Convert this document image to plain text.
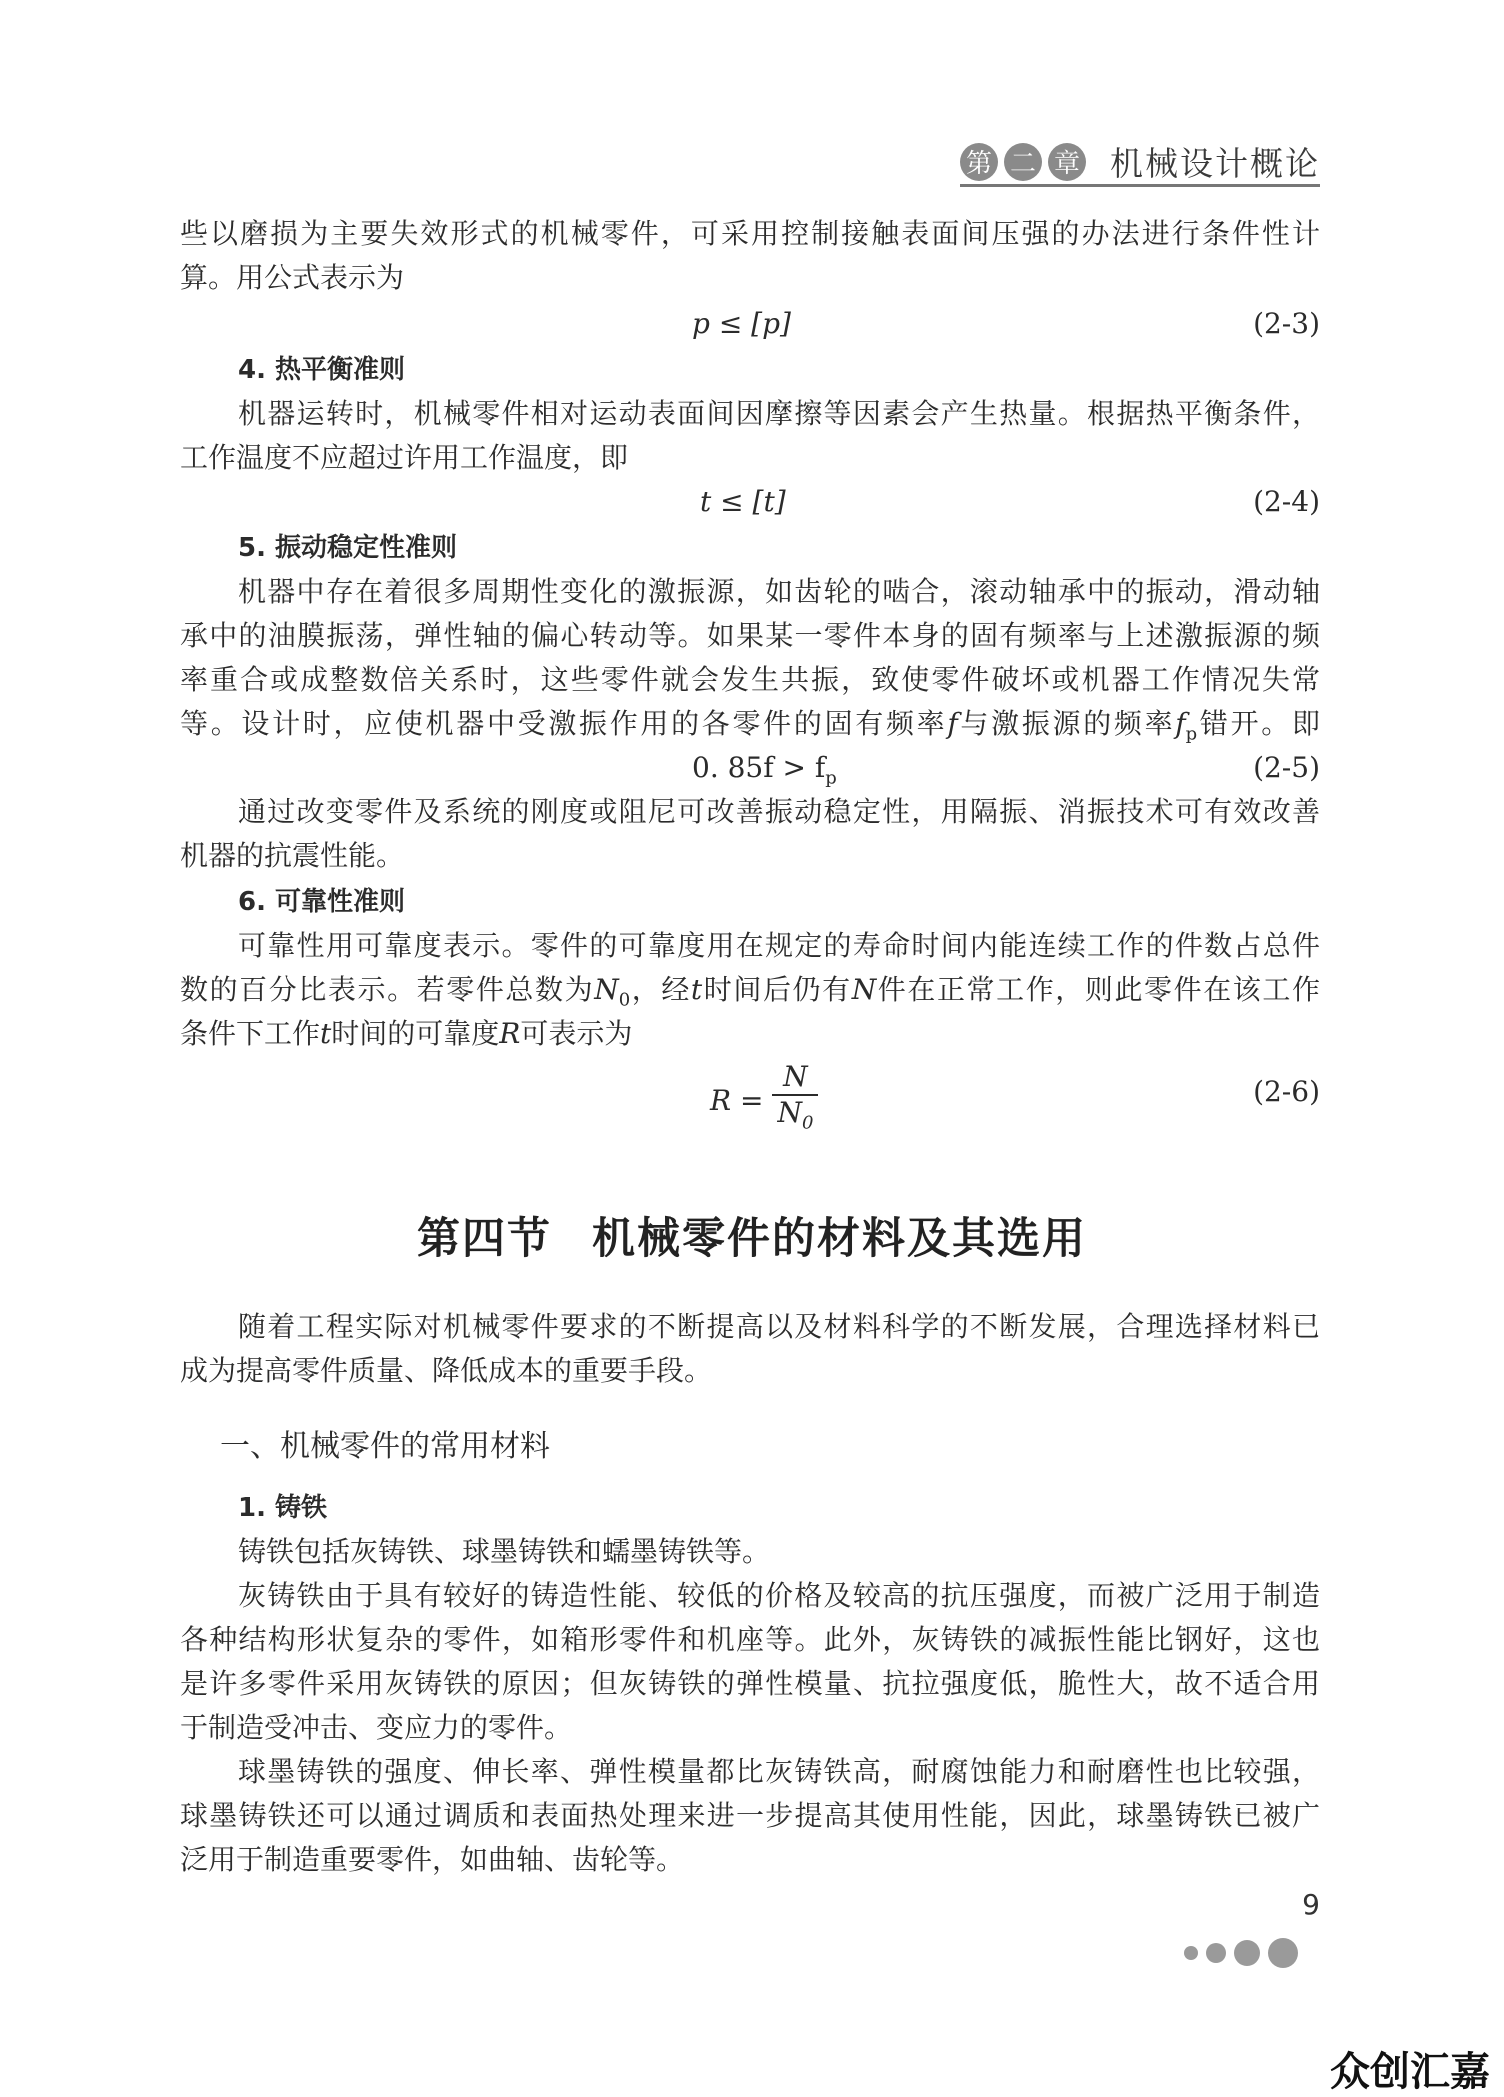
第 二 章 机械设计概论
些以磨损为主要失效形式的机械零件，可采用控制接触表面间压强的办法进行条件性计
算。用公式表示为
p ≤ [p]	(2-3)
4. 热平衡准则
机器运转时，机械零件相对运动表面间因摩擦等因素会产生热量。根据热平衡条件，
工作温度不应超过许用工作温度，即
t ≤ [t]	(2-4)
5. 振动稳定性准则
机器中存在着很多周期性变化的激振源，如齿轮的啮合，滚动轴承中的振动，滑动轴
承中的油膜振荡，弹性轴的偏心转动等。如果某一零件本身的固有频率与上述激振源的频
率重合或成整数倍关系时，这些零件就会发生共振，致使零件破坏或机器工作情况失常
等。设计时，应使机器中受激振作用的各零件的固有频率f与激振源的频率$f_p$错开。即
0. $85f > f_p$	(2-5)
通过改变零件及系统的刚度或阻尼可改善振动稳定性，用隔振、消振技术可有效改善
机器的抗震性能。
6. 可靠性准则
可靠性用可靠度表示。零件的可靠度用在规定的寿命时间内能连续工作的件数占总件
数的百分比表示。若零件总数为$N_0$，经t时间后仍有N件在正常工作，则此零件在该工作
条件下工作t时间的可靠度R可表示为
$R = \frac{N}{N_0}$	(2-6)
第四节 机械零件的材料及其选用
随着工程实际对机械零件要求的不断提高以及材料科学的不断发展，合理选择材料已
成为提高零件质量、降低成本的重要手段。
一、机械零件的常用材料
1. 铸铁
铸铁包括灰铸铁、球墨铸铁和蠕墨铸铁等。
灰铸铁由于具有较好的铸造性能、较低的价格及较高的抗压强度，而被广泛用于制造
各种结构形状复杂的零件，如箱形零件和机座等。此外，灰铸铁的减振性能比钢好，这也
是许多零件采用灰铸铁的原因；但灰铸铁的弹性模量、抗拉强度低，脆性大，故不适合用
于制造受冲击、变应力的零件。
球墨铸铁的强度、伸长率、弹性模量都比灰铸铁高，耐腐蚀能力和耐磨性也比较强，
球墨铸铁还可以通过调质和表面热处理来进一步提高其使用性能，因此，球墨铸铁已被广
泛用于制造重要零件，如曲轴、齿轮等。
9
众创汇嘉
